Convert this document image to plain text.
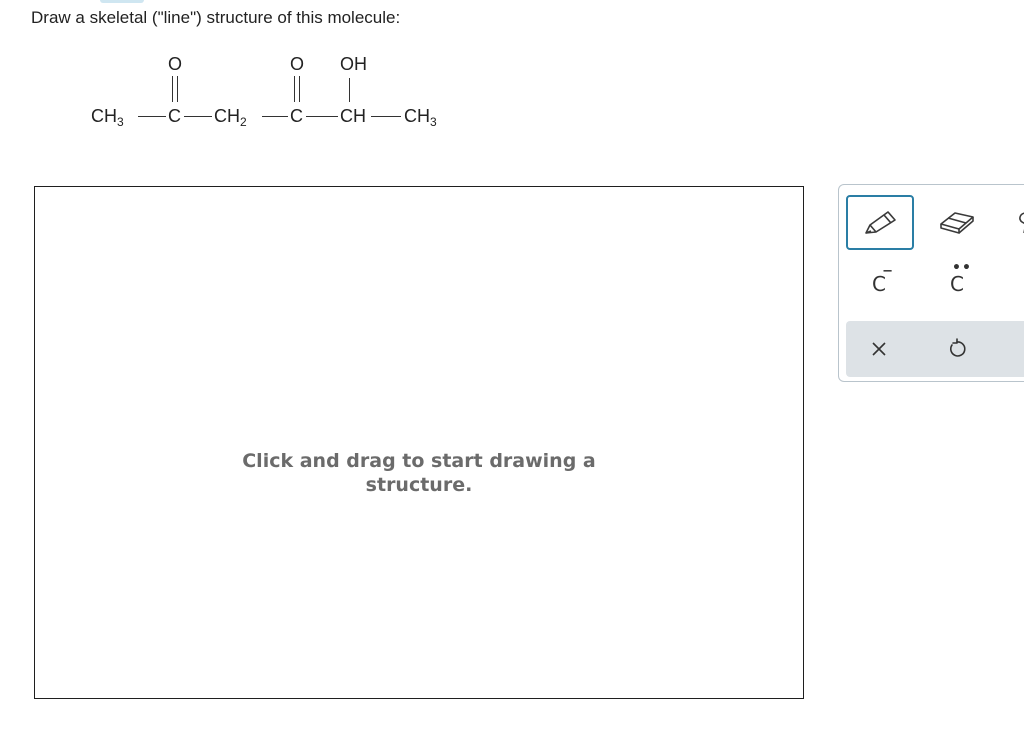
Draw a skeletal ("line") structure of this molecule:
$CH_3$ C
O
$CH_2$ C
O
CH
OH
$CH_3$
Click and drag to start drawing a
structure.
C
−	••
C
